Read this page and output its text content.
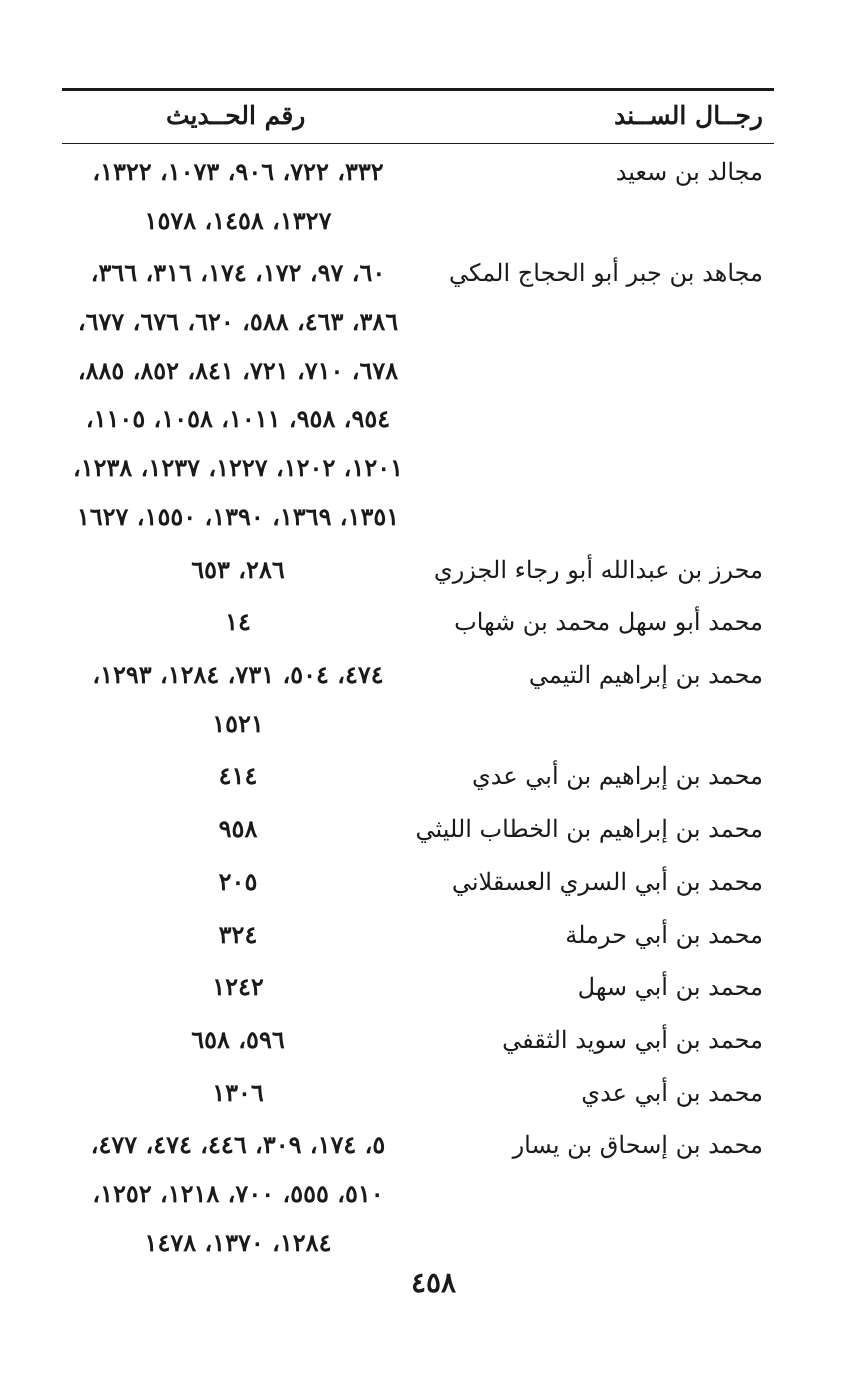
رجــال الســند
رقم الحــديث
مجالد بن سعيد
٣٣٢، ٧٢٢، ٩٠٦، ١٠٧٣، ١٣٢٢،
١٣٢٧، ١٤٥٨، ١٥٧٨
مجاهد بن جبر أبو الحجاج المكي
٦٠، ٩٧، ١٧٢، ١٧٤، ٣١٦، ٣٦٦،
٣٨٦، ٤٦٣، ٥٨٨، ٦٢٠، ٦٧٦، ٦٧٧،
٦٧٨، ٧١٠، ٧٢١، ٨٤١، ٨٥٢، ٨٨٥،
٩٥٤، ٩٥٨، ١٠١١، ١٠٥٨، ١١٠٥،
١٢٠١، ١٢٠٢، ١٢٢٧، ١٢٣٧، ١٢٣٨،
١٣٥١، ١٣٦٩، ١٣٩٠، ١٥٥٠، ١٦٢٧
محرز بن عبدالله أبو رجاء الجزري
٢٨٦، ٦٥٣
محمد أبو سهل محمد بن شهاب
١٤
محمد بن إبراهيم التيمي
٤٧٤، ٥٠٤، ٧٣١، ١٢٨٤، ١٢٩٣،
١٥٢١
محمد بن إبراهيم بن أبي عدي
٤١٤
محمد بن إبراهيم بن الخطاب الليثي
٩٥٨
محمد بن أبي السري العسقلاني
٢٠٥
محمد بن أبي حرملة
٣٢٤
محمد بن أبي سهل
١٢٤٢
محمد بن أبي سويد الثقفي
٥٩٦، ٦٥٨
محمد بن أبي عدي
١٣٠٦
محمد بن إسحاق بن يسار
٥، ١٧٤، ٣٠٩، ٤٤٦، ٤٧٤، ٤٧٧،
٥١٠، ٥٥٥، ٧٠٠، ١٢١٨، ١٢٥٢،
١٢٨٤، ١٣٧٠، ١٤٧٨
٤٥٨
